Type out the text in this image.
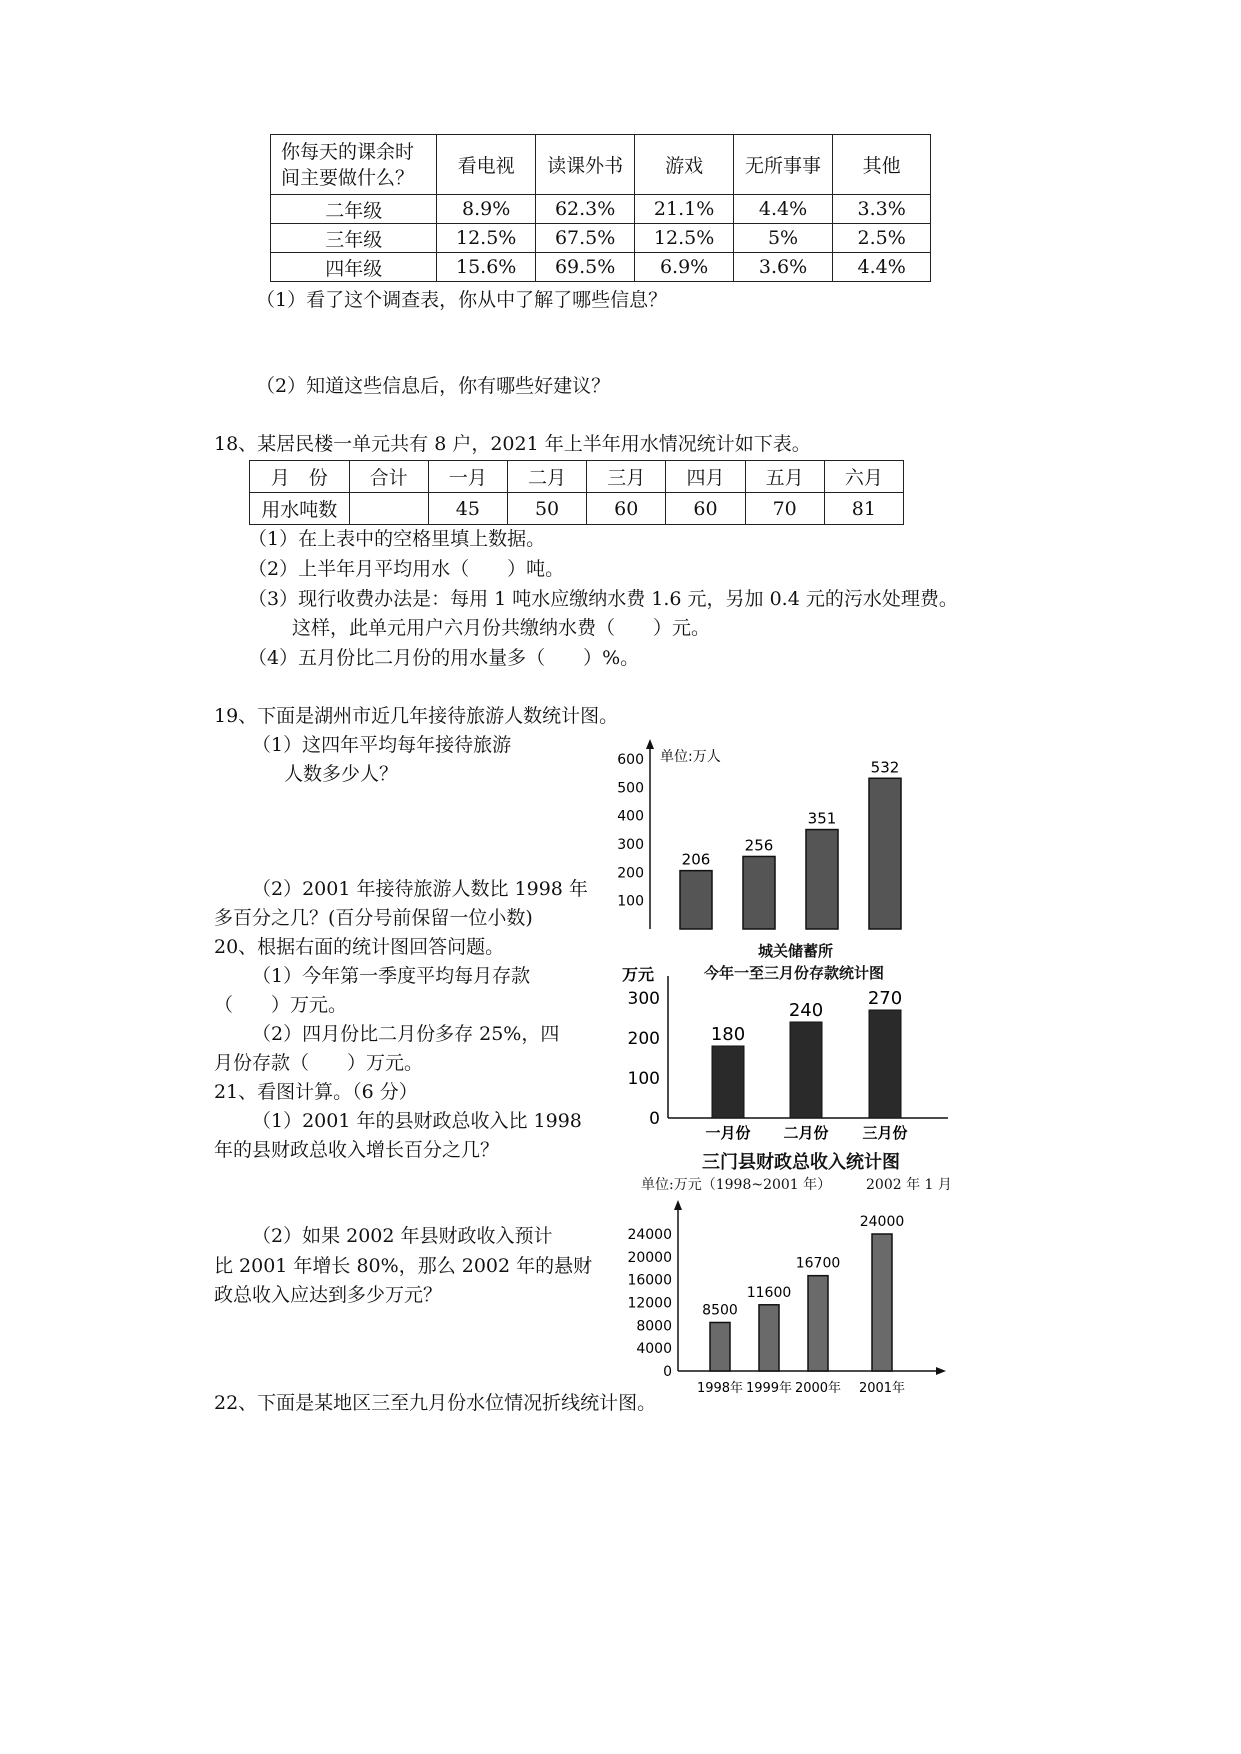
你每天的课余时
间主要做什么？	看电视	读课外书	游戏	无所事事	其他
二年级	8.9%	62.3%	21.1%	4.4%	3.3%
三年级	12.5%	67.5%	12.5%	5%	2.5%
四年级	15.6%	69.5%	6.9%	3.6%	4.4%
（1）看了这个调查表，你从中了解了哪些信息？
（2）知道这些信息后，你有哪些好建议？
18、某居民楼一单元共有 8 户，2021 年上半年用水情况统计如下表。
月　份	合计	一月	二月	三月	四月	五月	六月
用水吨数		45	50	60	60	70	81
（1）在上表中的空格里填上数据。
（2）上半年月平均用水（　　）吨。
（3）现行收费办法是：每用 1 吨水应缴纳水费 1.6 元，另加 0.4 元的污水处理费。
这样，此单元用户六月份共缴纳水费（　　）元。
（4）五月份比二月份的用水量多（　　）%。
19、下面是湖州市近几年接待旅游人数统计图。
（1）这四年平均每年接待旅游
人数多少人？
（2）2001 年接待旅游人数比 1998 年
多百分之几？(百分号前保留一位小数)
20、根据右面的统计图回答问题。
（1）今年第一季度平均每月存款
（　　）万元。
（2）四月份比二月份多存 25%，四
月份存款（　　）万元。
21、看图计算。（6 分）
（1）2001 年的县财政总收入比 1998
年的县财政总收入增长百分之几？
（2）如果 2002 年县财政收入预计
比 2001 年增长 80%，那么 2002 年的悬财
政总收入应达到多少万元？
22、下面是某地区三至九月份水位情况折线统计图。
单位:万人
600
500
400
300
200
100
206
256
351
532
城关储蓄所
今年一至三月份存款统计图
万元
300
200
100
0
180
一月份
240
二月份
270
三月份
三门县财政总收入统计图
单位:万元（1998~2001 年） 2002 年 1 月
24000
20000
16000
12000
8000
4000
0
8500
1998年
11600
1999年
16700
2000年
24000
2001年
